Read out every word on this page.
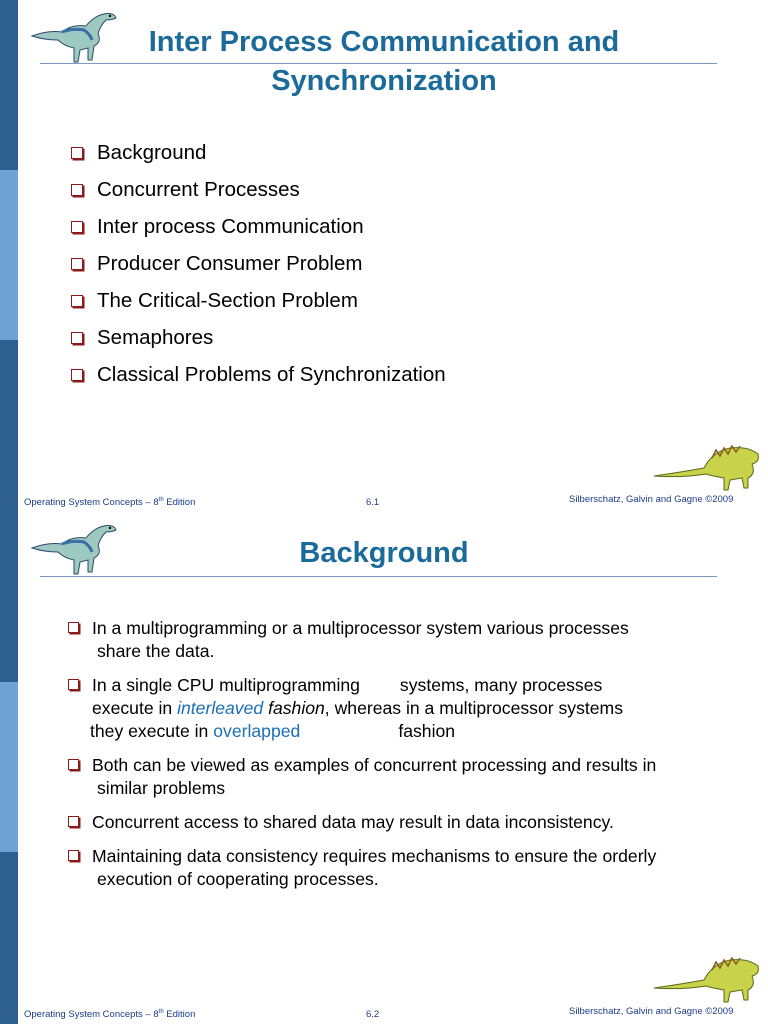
Inter Process Communication and
Synchronization
Background
Concurrent Processes
Inter process Communication
Producer Consumer Problem
The Critical-Section Problem
Semaphores
Classical Problems of Synchronization
Operating System Concepts – 8th Edition	6.1	Silberschatz, Galvin and Gagne ©2009
Background
In a multiprogramming or a multiprocessor system various processes
share the data.
In a single CPU multiprogramming systems, many processes
execute in interleaved fashion, whereas in a multiprocessor systems
they execute in overlapped	fashion
Both can be viewed as examples of concurrent processing and results in
similar problems
Concurrent access to shared data may result in data inconsistency.
Maintaining data consistency requires mechanisms to ensure the orderly
execution of cooperating processes.
Operating System Concepts – 8th Edition	6.2	Silberschatz, Galvin and Gagne ©2009
